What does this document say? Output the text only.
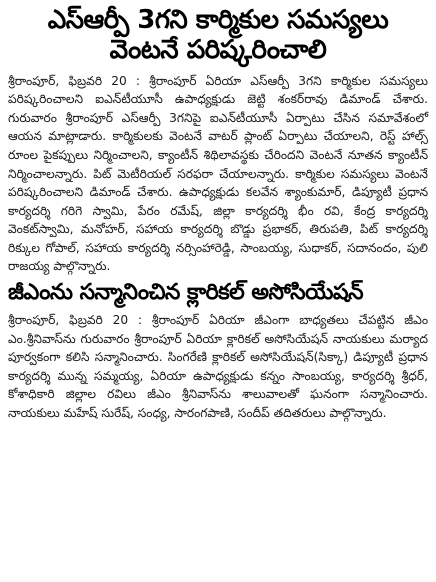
ఎస్‌ఆర్పీ 3గని కార్మికుల సమస్యలు
వెంటనే పరిష్కరించాలి

శ్రీరాంపూర్, ఫిబ్రవరి 20 : శ్రీరాంపూర్ ఏరియా ఎస్‌ఆర్పీ 3గని కార్మికుల సమస్యలు పరిష్కరించాలని ఐఎన్‌టీయూసీ ఉపాధ్యక్షుడు జెట్టి శంకర్‌రావు డిమాండ్ చేశారు. గురువారం శ్రీరాంపూర్ ఎస్‌ఆర్పీ 3గనిపై ఐఎన్‌టీయూసీ ఏర్పాటు చేసిన సమావేశంలో ఆయన మాట్లాడారు. కార్మికులకు వెంటనే వాటర్ ప్లాంట్ ఏర్పాటు చేయాలని, రెస్ట్ హాల్స్ రూంల పైకప్పులు నిర్మించాలని, క్యాంటీన్ శిథిలావస్థకు చేరిందని వెంటనే నూతన క్యాంటీన్ నిర్మించాలన్నారు. పిట్ మెటీరియల్ సరఫరా చేయాలన్నారు. కార్మికుల సమస్యలు వెంటనే పరిష్కరించాలని డిమాండ్ చేశారు. ఉపాధ్యక్షుడు కలవేన శ్యాంకుమార్, డిప్యూటీ ప్రధాన కార్యదర్శి గరిగె స్వామి, పేరం రమేష్, జిల్లా కార్యదర్శి భీం రవి, కేంద్ర కార్యదర్శి వెంకట్‌స్వామి, మనోహర్, సహాయ కార్యదర్శి బొడ్డు ప్రభాకర్, తిరుపతి, పిట్ కార్యదర్శి రిక్కుల గోపాల్, సహాయ కార్యదర్శి నర్సింహారెడ్డి, సాంబయ్య, సుధాకర్, సదానందం, పులి రాజయ్య పాల్గొన్నారు.

జీఎంను సన్మానించిన క్లారికల్ అసోసియేషన్

శ్రీరాంపూర్, ఫిబ్రవరి 20 : శ్రీరాంపూర్ ఏరియా జీఎంగా బాధ్యతలు చేపట్టిన జీఎం ఎం.శ్రీనివాస్‌ను గురువారం శ్రీరాంపూర్ ఏరియా క్లారికల్ అసోసియేషన్ నాయకులు మర్యాద పూర్వకంగా కలిసి సన్మానించారు. సింగరేణి క్లారికల్ అసోసియేషన్(సిక్కా) డిప్యూటీ ప్రధాన కార్యదర్శి మున్న సమ్మయ్య, ఏరియా ఉపాధ్యక్షుడు కన్నం సాంబయ్య, కార్యదర్శి శ్రీధర్, కోశాధికారి జిల్లాల రవిలు జీఎం శ్రీనివాస్‌ను శాలువాలతో ఘనంగా సన్మానించారు. నాయకులు మహేష్ సురేష్, సంధ్య, సారంగపాణి, సందీప్ తదితరులు పాల్గొన్నారు.
